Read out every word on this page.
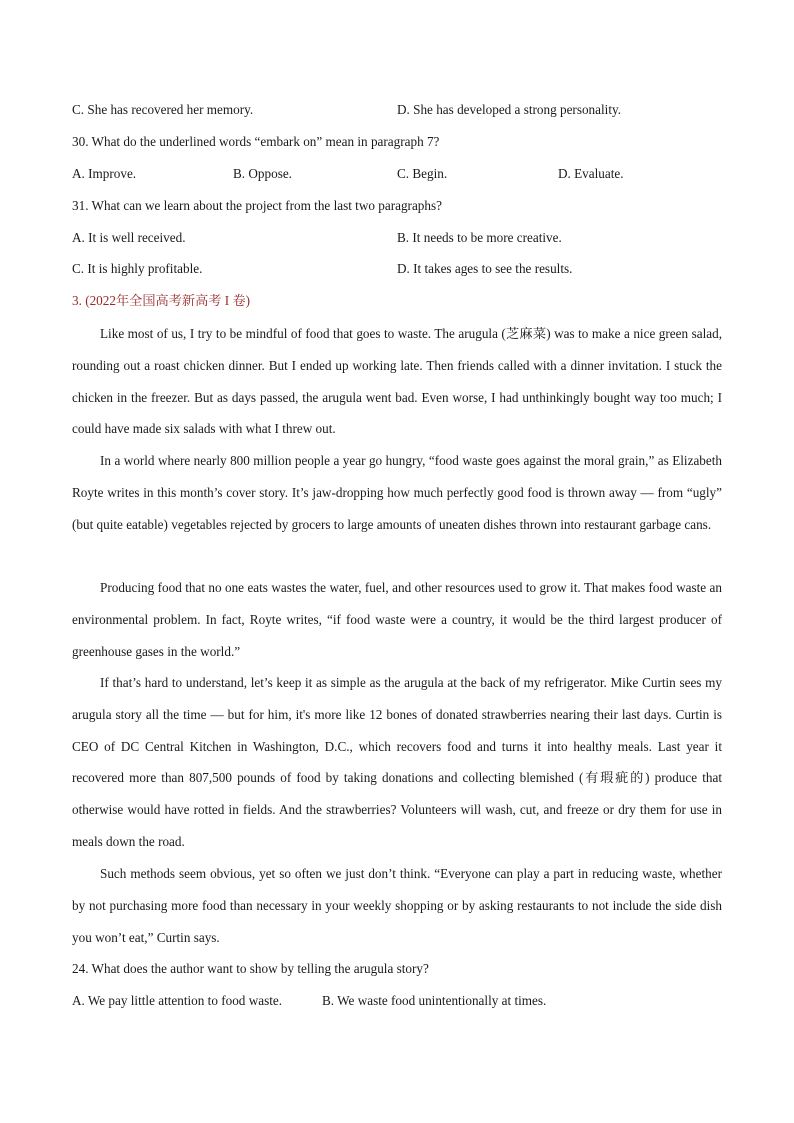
C. She has recovered her memory.	D. She has developed a strong personality.
30. What do the underlined words “embark on” mean in paragraph 7?
A. Improve.	B. Oppose.	C. Begin.	D. Evaluate.
31. What can we learn about the project from the last two paragraphs?
A. It is well received.	B. It needs to be more creative.
C. It is highly profitable.	D. It takes ages to see the results.
3. (2022年全国高考新高考 I 卷)
Like most of us, I try to be mindful of food that goes to waste. The arugula (芝麻菜) was to make a nice green salad, rounding out a roast chicken dinner. But I ended up working late. Then friends called with a dinner invitation. I stuck the chicken in the freezer. But as days passed, the arugula went bad. Even worse, I had unthinkingly bought way too much; I could have made six salads with what I threw out.
In a world where nearly 800 million people a year go hungry, “food waste goes against the moral grain,” as Elizabeth Royte writes in this month’s cover story. It’s jaw-dropping how much perfectly good food is thrown away — from “ugly” (but quite eatable) vegetables rejected by grocers to large amounts of uneaten dishes thrown into restaurant garbage cans.
Producing food that no one eats wastes the water, fuel, and other resources used to grow it. That makes food waste an environmental problem. In fact, Royte writes, “if food waste were a country, it would be the third largest producer of greenhouse gases in the world.”
If that’s hard to understand, let’s keep it as simple as the arugula at the back of my refrigerator. Mike Curtin sees my arugula story all the time — but for him, it's more like 12 bones of donated strawberries nearing their last days. Curtin is CEO of DC Central Kitchen in Washington, D.C., which recovers food and turns it into healthy meals. Last year it recovered more than 807,500 pounds of food by taking donations and collecting blemished (有瑕疵的) produce that otherwise would have rotted in fields. And the strawberries? Volunteers will wash, cut, and freeze or dry them for use in meals down the road.
Such methods seem obvious, yet so often we just don’t think. “Everyone can play a part in reducing waste, whether by not purchasing more food than necessary in your weekly shopping or by asking restaurants to not include the side dish you won’t eat,” Curtin says.
24. What does the author want to show by telling the arugula story?
A. We pay little attention to food waste.	B. We waste food unintentionally at times.
